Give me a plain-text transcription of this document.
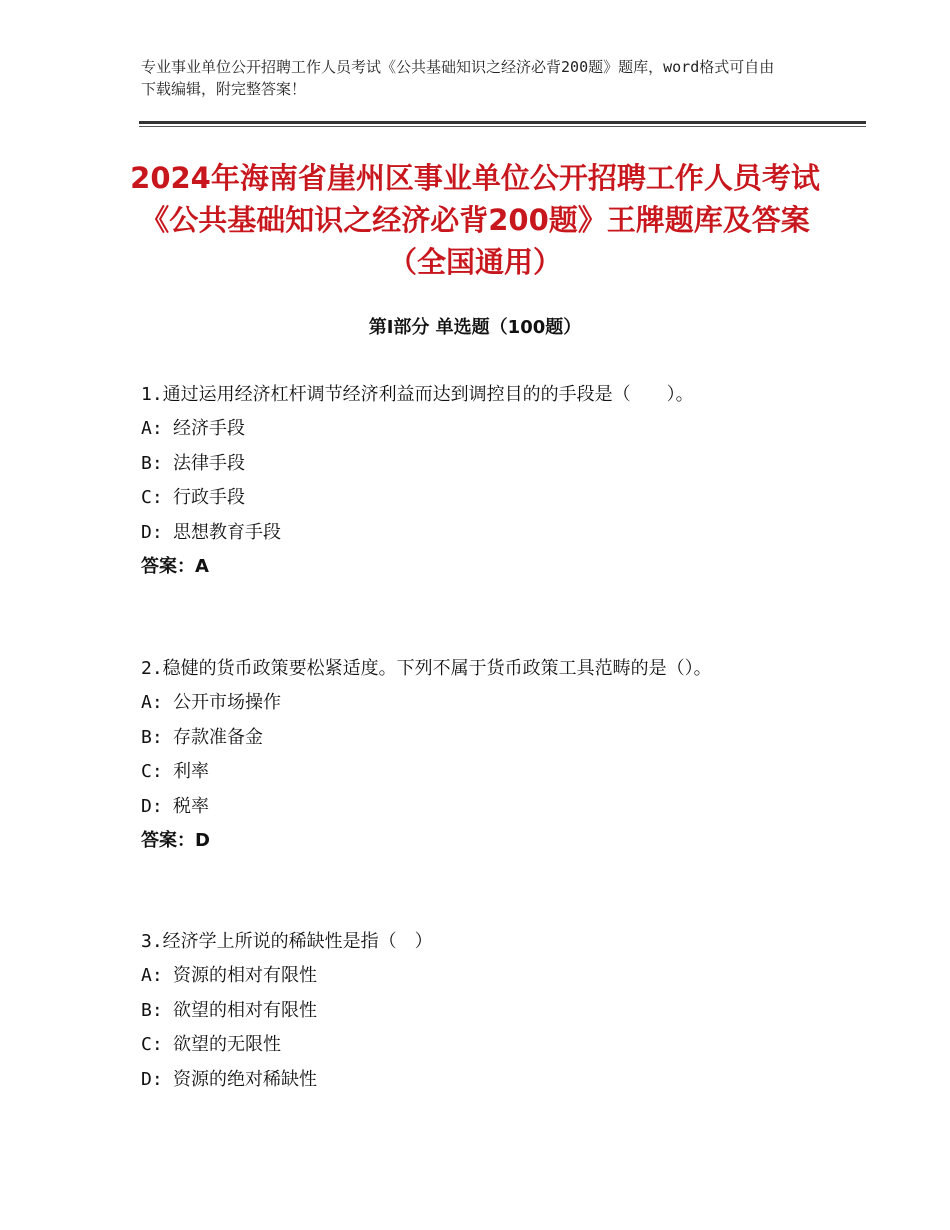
专业事业单位公开招聘工作人员考试《公共基础知识之经济必背200题》题库，word格式可自由下载编辑，附完整答案！
2024年海南省崖州区事业单位公开招聘工作人员考试《公共基础知识之经济必背200题》王牌题库及答案（全国通用）
第Ⅰ部分 单选题（100题）

1.通过运用经济杠杆调节经济利益而达到调控目的的手段是（　　）。

A: 经济手段
B: 法律手段
C: 行政手段
D: 思想教育手段
答案：A

2.稳健的货币政策要松紧适度。下列不属于货币政策工具范畴的是（）。

A: 公开市场操作
B: 存款准备金
C: 利率
D: 税率
答案：D

3.经济学上所说的稀缺性是指（　）

A: 资源的相对有限性
B: 欲望的相对有限性
C: 欲望的无限性
D: 资源的绝对稀缺性
